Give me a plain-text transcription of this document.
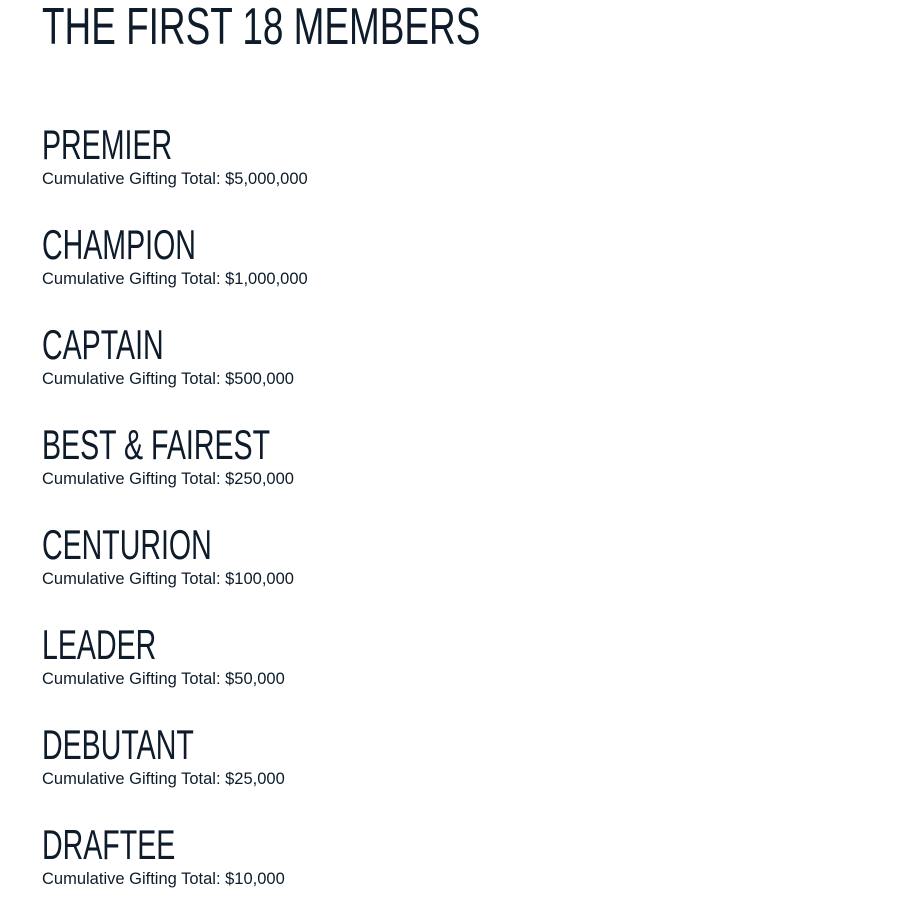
THE FIRST 18 MEMBERS
PREMIER

Cumulative Gifting Total: $5,000,000

CHAMPION

Cumulative Gifting Total: $1,000,000

CAPTAIN

Cumulative Gifting Total: $500,000

BEST & FAIREST

Cumulative Gifting Total: $250,000

CENTURION

Cumulative Gifting Total: $100,000

LEADER

Cumulative Gifting Total: $50,000

DEBUTANT

Cumulative Gifting Total: $25,000

DRAFTEE

Cumulative Gifting Total: $10,000
